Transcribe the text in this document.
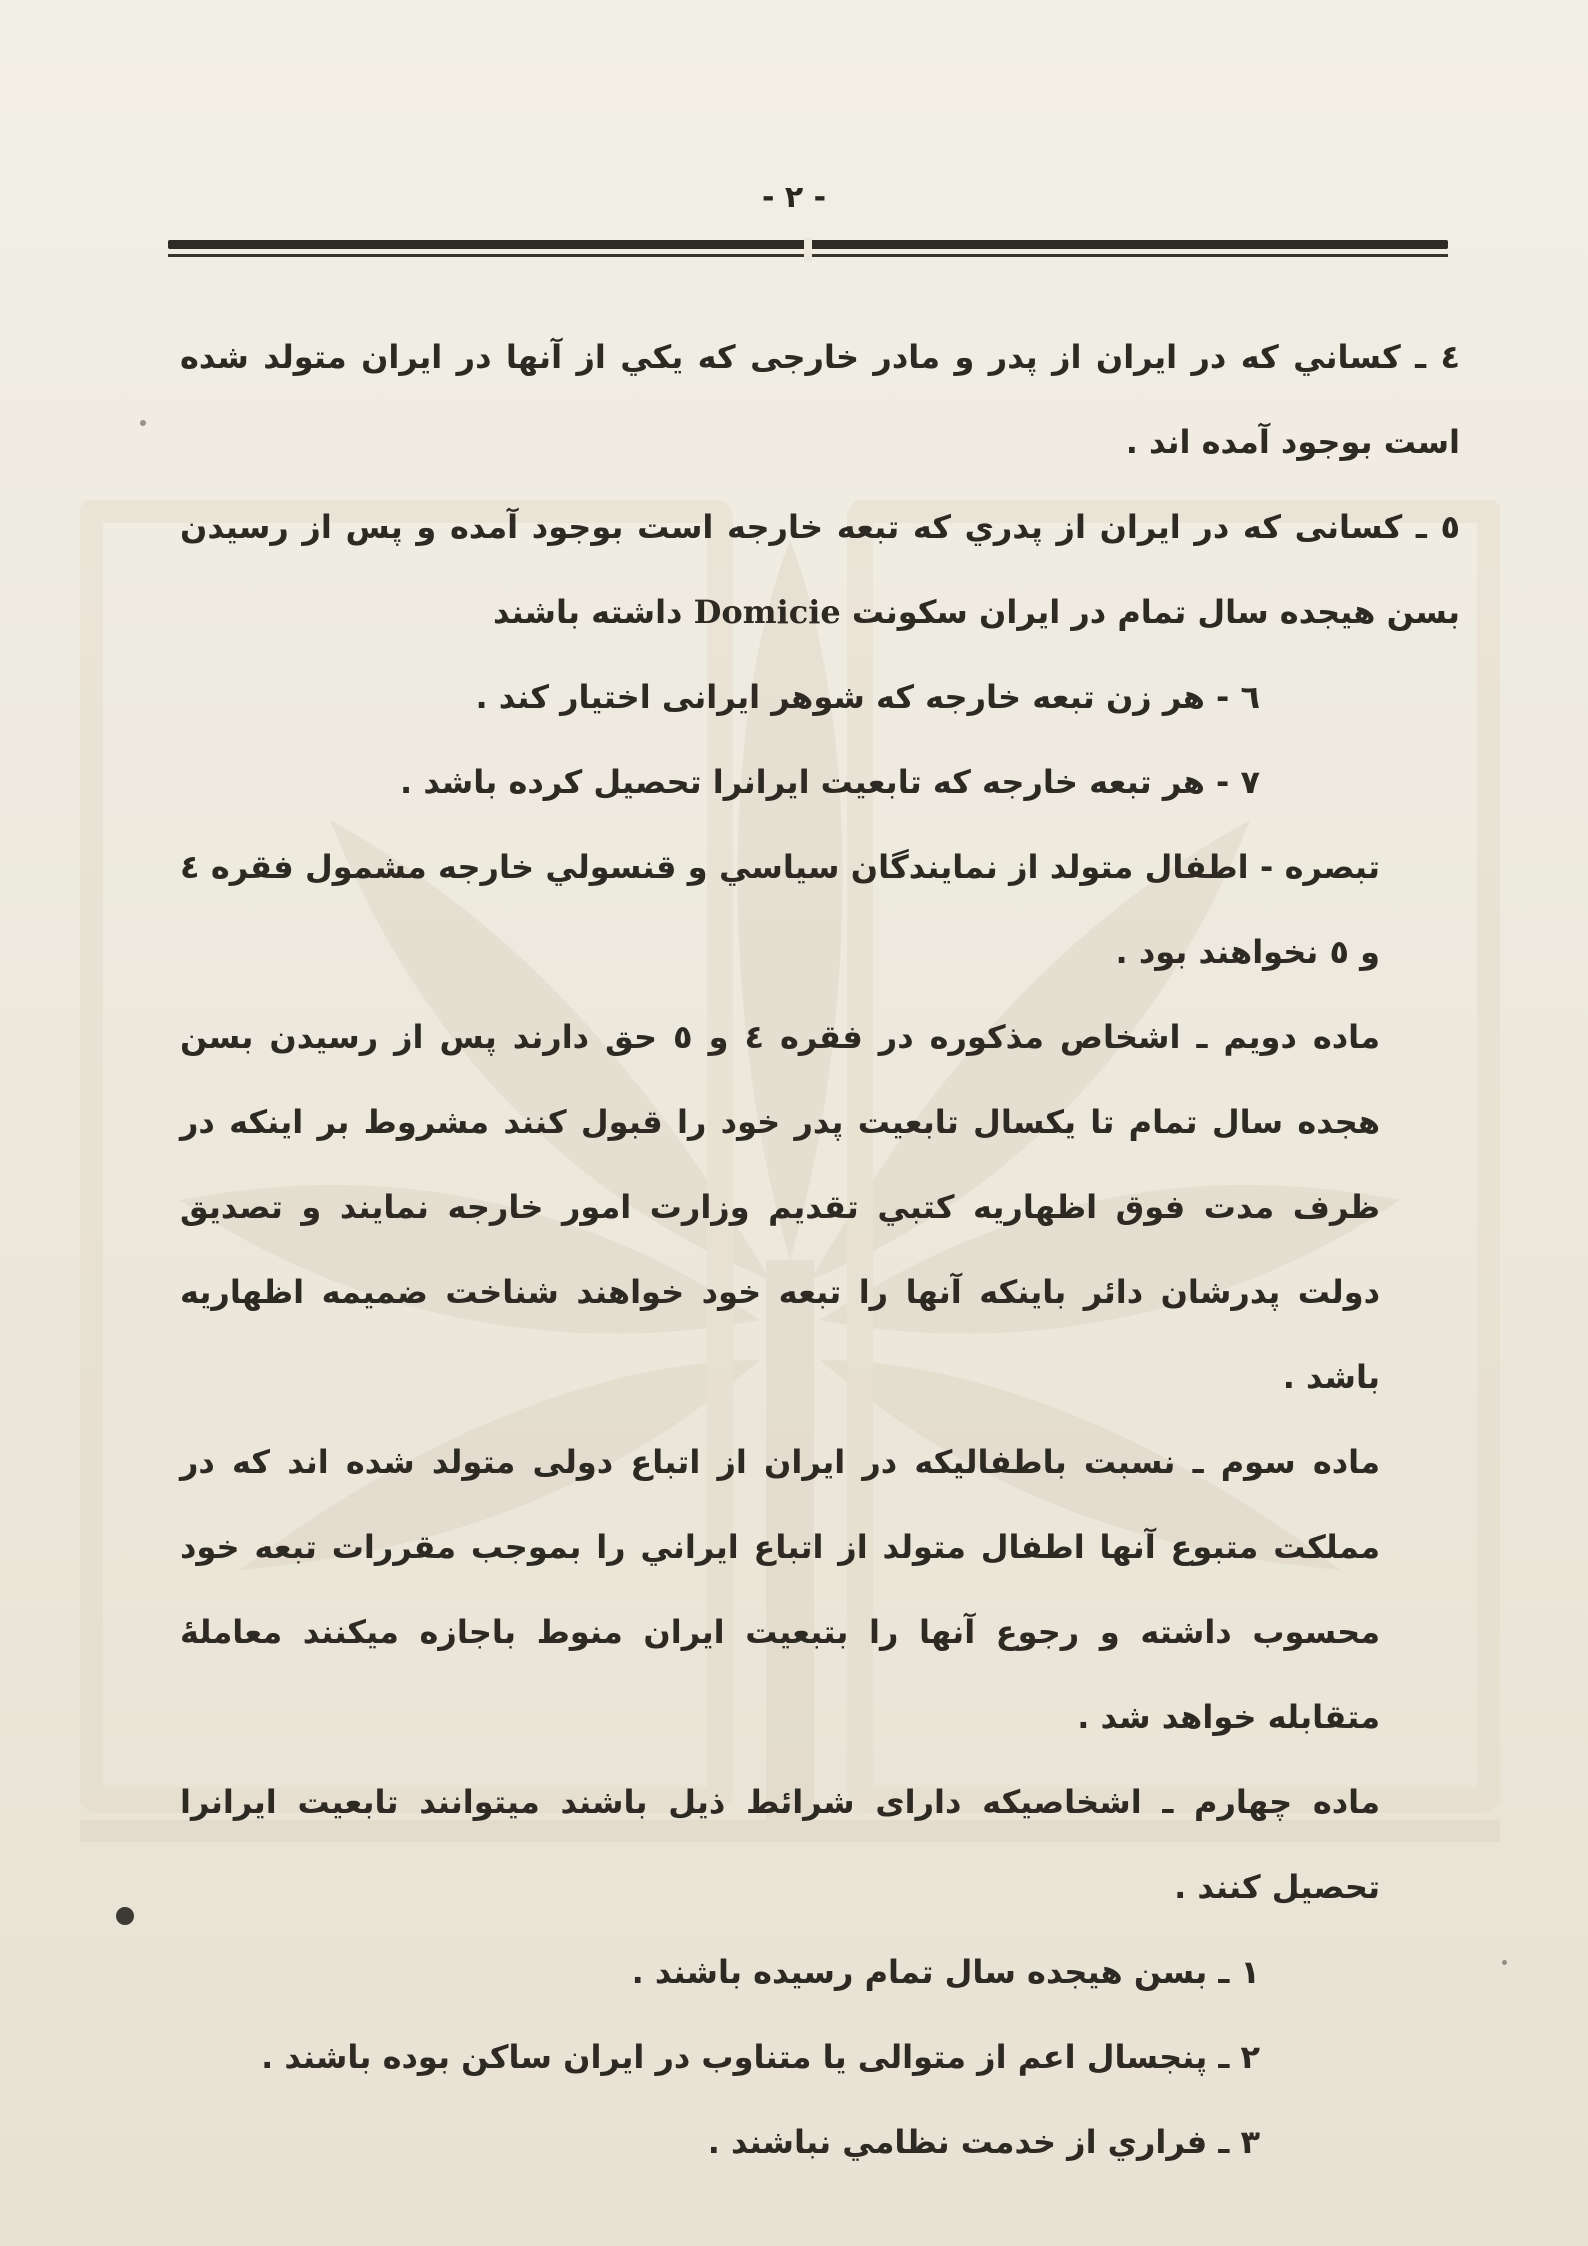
- ۲ -

٤ ـ كساني كه در ايران از پدر و مادر خارجی كه يكي از آنها در ايران متولد شده است بوجود آمده اند .

٥ ـ كسانی كه در ايران از پدري كه تبعه خارجه است بوجود آمده و پس از رسيدن بسن هيجده سال تمام در ايران سكونت Domicie داشته باشند

٦ - هر زن تبعه خارجه كه شوهر ايرانی اختيار كند .

٧ - هر تبعه خارجه كه تابعيت ايرانرا تحصيل كرده باشد .

تبصره - اطفال متولد از نمايندگان سياسي و قنسولي خارجه مشمول فقره ٤ و ٥ نخواهند بود .

ماده دويم ـ اشخاص مذكوره در فقره ٤ و ٥ حق دارند پس از رسيدن بسن هجده سال تمام تا يكسال تابعيت پدر خود را قبول كنند مشروط بر اينكه در ظرف مدت فوق اظهاريه كتبي تقديم وزارت امور خارجه نمايند و تصديق دولت پدرشان دائر باينكه آنها را تبعه خود خواهند شناخت ضميمه اظهاريه باشد .

ماده سوم ـ نسبت باطفاليكه در ايران از اتباع دولی متولد شده اند كه در مملكت متبوع آنها اطفال متولد از اتباع ايراني را بموجب مقررات تبعه خود محسوب داشته و رجوع آنها را بتبعيت ايران منوط باجازه ميكنند معاملهٔ متقابله خواهد شد .

ماده چهارم ـ اشخاصيكه داراى شرائط ذيل باشند ميتوانند تابعيت ايرانرا تحصيل كنند .

١ ـ بسن هيجده سال تمام رسيده باشند .

٢ ـ پنجسال اعم از متوالی يا متناوب در ايران ساكن بوده باشند .

٣ ـ فراري از خدمت نظامي نباشند .
